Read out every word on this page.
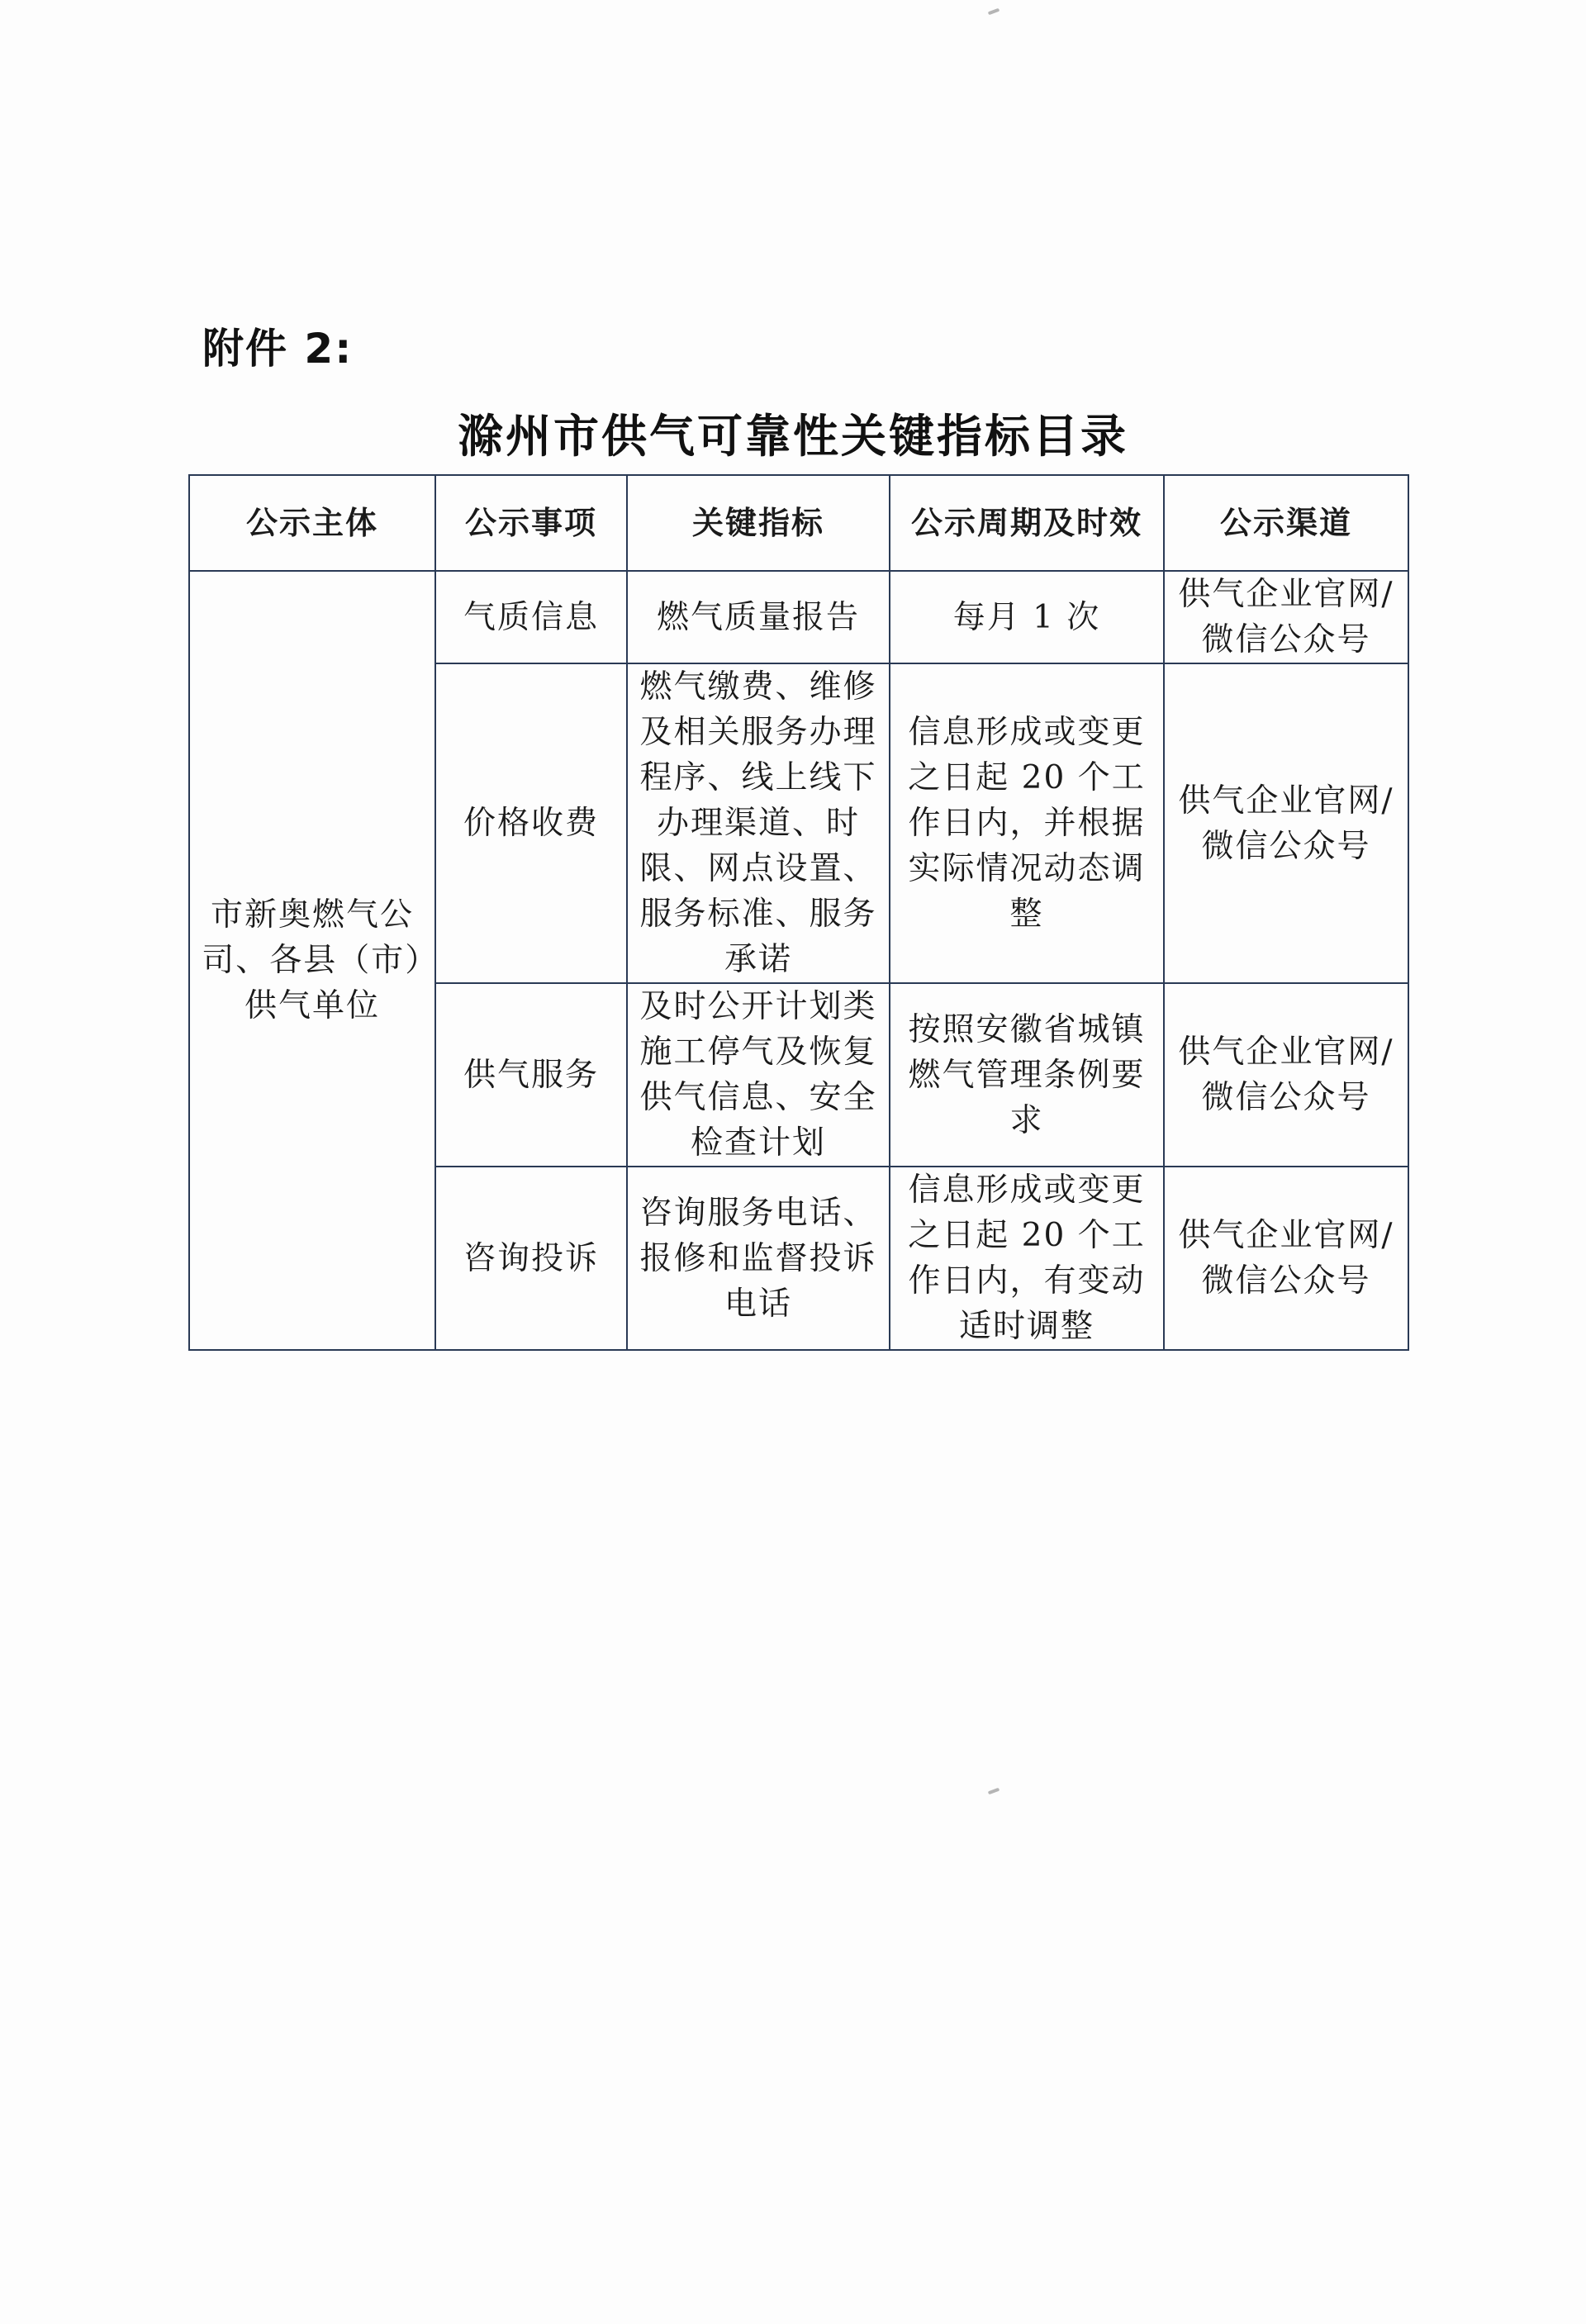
附件 2:
滁州市供气可靠性关键指标目录
公示主体	公示事项	关键指标	公示周期及时效	公示渠道
市新奥燃气公司、各县（市）供气单位	气质信息	燃气质量报告	每月 1 次	供气企业官网/微信公众号
	价格收费	燃气缴费、维修及相关服务办理程序、线上线下办理渠道、时限、网点设置、服务标准、服务承诺	信息形成或变更之日起 20 个工作日内，并根据实际情况动态调整	供气企业官网/微信公众号
	供气服务	及时公开计划类施工停气及恢复供气信息、安全检查计划	按照安徽省城镇燃气管理条例要求	供气企业官网/微信公众号
	咨询投诉	咨询服务电话、报修和监督投诉电话	信息形成或变更之日起 20 个工作日内，有变动适时调整	供气企业官网/微信公众号
